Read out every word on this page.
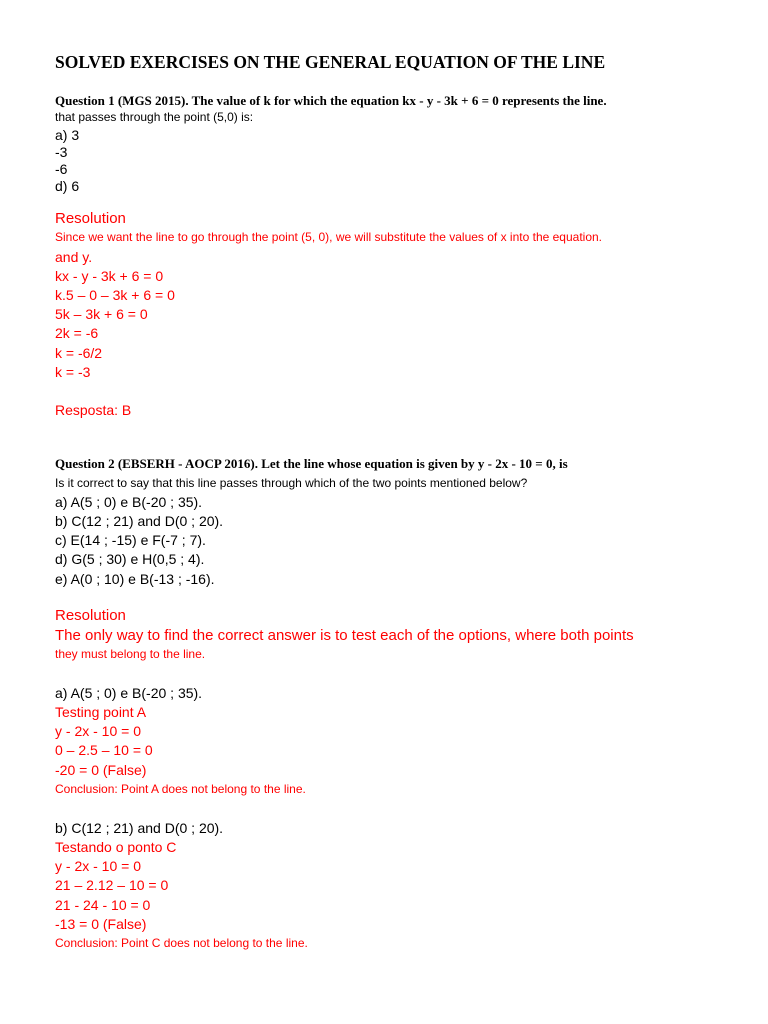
SOLVED EXERCISES ON THE GENERAL EQUATION OF THE LINE
Question 1 (MGS 2015). The value of k for which the equation kx - y - 3k + 6 = 0 represents the line.
that passes through the point (5,0) is:
a) 3
-3
-6
d) 6
Resolution
Since we want the line to go through the point (5, 0), we will substitute the values of x into the equation.
and y.
kx - y - 3k + 6 = 0
k.5 – 0 – 3k + 6 = 0
5k – 3k + 6 = 0
2k = -6
k = -6/2
k = -3
Resposta: B
Question 2 (EBSERH - AOCP 2016). Let the line whose equation is given by y - 2x - 10 = 0, is
Is it correct to say that this line passes through which of the two points mentioned below?
a) A(5 ; 0) e B(-20 ; 35).
b) C(12 ; 21) and D(0 ; 20).
c) E(14 ; -15) e F(-7 ; 7).
d) G(5 ; 30) e H(0,5 ; 4).
e) A(0 ; 10) e B(-13 ; -16).
Resolution
The only way to find the correct answer is to test each of the options, where both points
they must belong to the line.
a) A(5 ; 0) e B(-20 ; 35).
Testing point A
y - 2x - 10 = 0
0 – 2.5 – 10 = 0
-20 = 0 (False)
Conclusion: Point A does not belong to the line.
b) C(12 ; 21) and D(0 ; 20).
Testando o ponto C
y - 2x - 10 = 0
21 – 2.12 – 10 = 0
21 - 24 - 10 = 0
-13 = 0 (False)
Conclusion: Point C does not belong to the line.
